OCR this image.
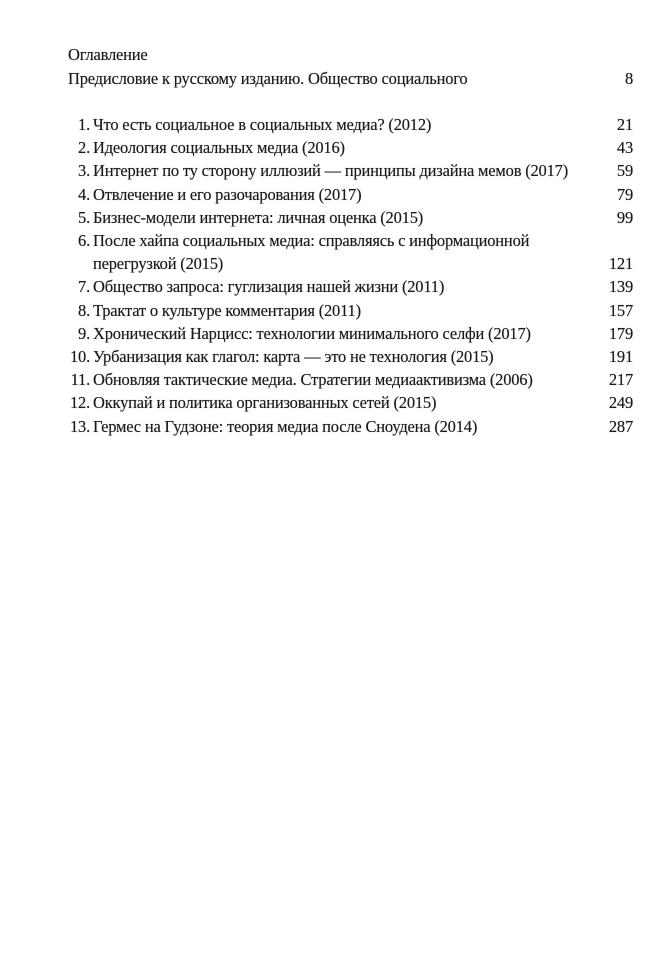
Оглавление
Предисловие к русскому изданию. Общество социального	8
1. Что есть социальное в социальных медиа? (2012)	21
2. Идеология социальных медиа (2016)	43
3. Интернет по ту сторону иллюзий — принципы дизайна мемов (2017)	59
4. Отвлечение и его разочарования (2017)	79
5. Бизнес-модели интернета: личная оценка (2015)	99
6. После хайпа социальных медиа: справляясь с информационной перегрузкой (2015)	121
7. Общество запроса: гуглизация нашей жизни (2011)	139
8. Трактат о культуре комментария (2011)	157
9. Хронический Нарцисс: технологии минимального селфи (2017)	179
10. Урбанизация как глагол: карта — это не технология (2015)	191
11. Обновляя тактические медиа. Стратегии медиаактивизма (2006)	217
12. Оккупай и политика организованных сетей (2015)	249
13. Гермес на Гудзоне: теория медиа после Сноудена (2014)	287
